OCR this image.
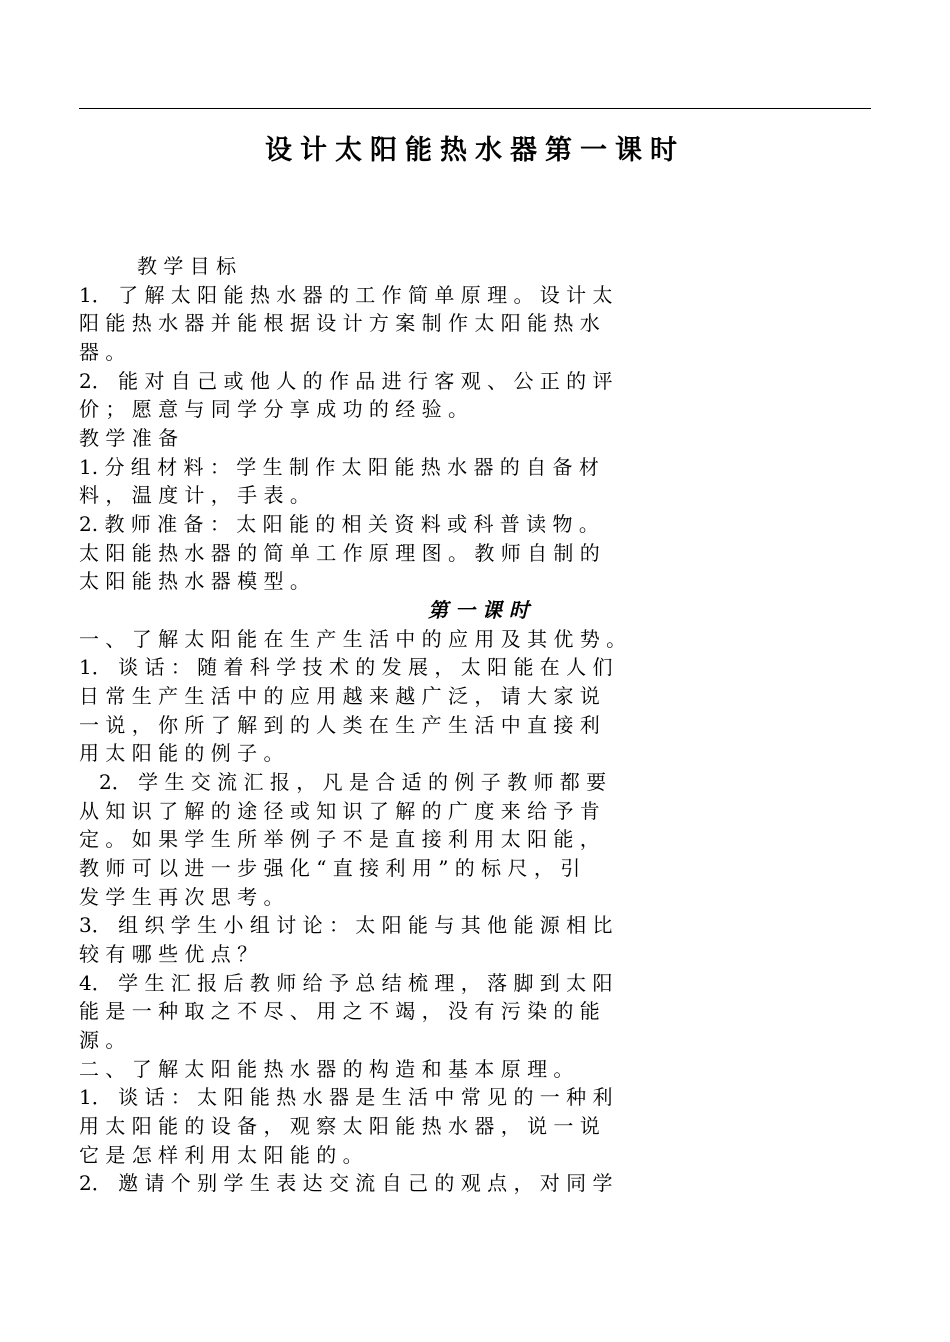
设计太阳能热水器第一课时
教 学 目 标
1． 了 解 太 阳 能 热 水 器 的 工 作 简 单 原 理 。 设 计 太
阳 能 热 水 器 并 能 根 据 设 计 方 案 制 作 太 阳 能 热 水
器 。
2． 能 对 自 己 或 他 人 的 作 品 进 行 客 观 、 公 正 的 评
价 ； 愿 意 与 同 学 分 享 成 功 的 经 验 。
教 学 准 备
1. 分 组 材 料 ： 学 生 制 作 太 阳 能 热 水 器 的 自 备 材
料 ， 温 度 计 ， 手 表 。
2. 教 师 准 备 ： 太 阳 能 的 相 关 资 料 或 科 普 读 物 。
太 阳 能 热 水 器 的 简 单 工 作 原 理 图 。 教 师 自 制 的
太 阳 能 热 水 器 模 型 。
第 一 课 时
一 、 了 解 太 阳 能 在 生 产 生 活 中 的 应 用 及 其 优 势 。
1． 谈 话 ： 随 着 科 学 技 术 的 发 展 ， 太 阳 能 在 人 们
日 常 生 产 生 活 中 的 应 用 越 来 越 广 泛 ， 请 大 家 说
一 说 ， 你 所 了 解 到 的 人 类 在 生 产 生 活 中 直 接 利
用 太 阳 能 的 例 子 。
2． 学 生 交 流 汇 报 ， 凡 是 合 适 的 例 子 教 师 都 要
从 知 识 了 解 的 途 径 或 知 识 了 解 的 广 度 来 给 予 肯
定 。 如 果 学 生 所 举 例 子 不 是 直 接 利 用 太 阳 能 ，
教 师 可 以 进 一 步 强 化 “ 直 接 利 用 ” 的 标 尺 ， 引
发 学 生 再 次 思 考 。
3． 组 织 学 生 小 组 讨 论 ： 太 阳 能 与 其 他 能 源 相 比
较 有 哪 些 优 点 ？
4． 学 生 汇 报 后 教 师 给 予 总 结 梳 理 ， 落 脚 到 太 阳
能 是 一 种 取 之 不 尽 、 用 之 不 竭 ， 没 有 污 染 的 能
源 。
二 、 了 解 太 阳 能 热 水 器 的 构 造 和 基 本 原 理 。
1． 谈 话 ： 太 阳 能 热 水 器 是 生 活 中 常 见 的 一 种 利
用 太 阳 能 的 设 备 ， 观 察 太 阳 能 热 水 器 ， 说 一 说
它 是 怎 样 利 用 太 阳 能 的 。
2． 邀 请 个 别 学 生 表 达 交 流 自 己 的 观 点 ， 对 同 学
